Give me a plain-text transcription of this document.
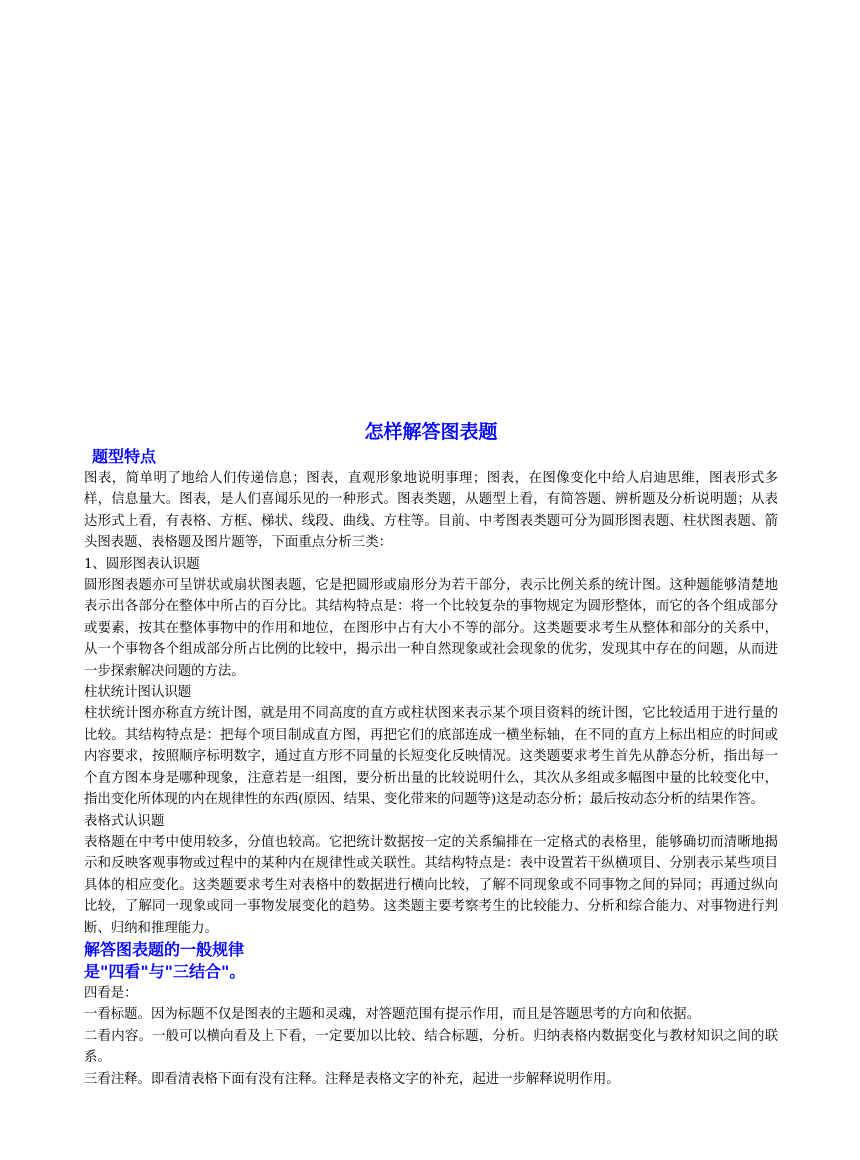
怎样解答图表题
题型特点

图表，简单明了地给人们传递信息；图表，直观形象地说明事理；图表，在图像变化中给人启迪思维，图表形式多样，信息量大。图表，是人们喜闻乐见的一种形式。图表类题，从题型上看，有简答题、辨析题及分析说明题；从表达形式上看，有表格、方框、梯状、线段、曲线、方柱等。目前、中考图表类题可分为圆形图表题、柱状图表题、箭头图表题、表格题及图片题等，下面重点分析三类：

1、圆形图表认识题

圆形图表题亦可呈饼状或扇状图表题，它是把圆形或扇形分为若干部分，表示比例关系的统计图。这种题能够清楚地表示出各部分在整体中所占的百分比。其结构特点是：将一个比较复杂的事物规定为圆形整体，而它的各个组成部分或要素，按其在整体事物中的作用和地位，在图形中占有大小不等的部分。这类题要求考生从整体和部分的关系中，从一个事物各个组成部分所占比例的比较中，揭示出一种自然现象或社会现象的优劣，发现其中存在的问题，从而进一步探索解决问题的方法。

柱状统计图认识题

柱状统计图亦称直方统计图，就是用不同高度的直方或柱状图来表示某个项目资料的统计图，它比较适用于进行量的比较。其结构特点是：把每个项目制成直方图，再把它们的底部连成一横坐标轴，在不同的直方上标出相应的时间或内容要求，按照顺序标明数字，通过直方形不同量的长短变化反映情况。这类题要求考生首先从静态分析，指出每一个直方图本身是哪种现象，注意若是一组图，要分析出量的比较说明什么，其次从多组或多幅图中量的比较变化中，指出变化所体现的内在规律性的东西(原因、结果、变化带来的问题等)这是动态分析；最后按动态分析的结果作答。

表格式认识题

表格题在中考中使用较多，分值也较高。它把统计数据按一定的关系编排在一定格式的表格里，能够确切而清晰地揭示和反映客观事物或过程中的某种内在规律性或关联性。其结构特点是：表中设置若干纵横项目、分别表示某些项目具体的相应变化。这类题要求考生对表格中的数据进行横向比较，了解不同现象或不同事物之间的异同；再通过纵向比较，了解同一现象或同一事物发展变化的趋势。这类题主要考察考生的比较能力、分析和综合能力、对事物进行判断、归纳和推理能力。

解答图表题的一般规律
是"四看"与"三结合"。

四看是：

一看标题。因为标题不仅是图表的主题和灵魂，对答题范围有提示作用，而且是答题思考的方向和依据。

二看内容。一般可以横向看及上下看，一定要加以比较、结合标题，分析。归纳表格内数据变化与教材知识之间的联系。

三看注释。即看清表格下面有没有注释。注释是表格文字的补充，起进一步解释说明作用。
